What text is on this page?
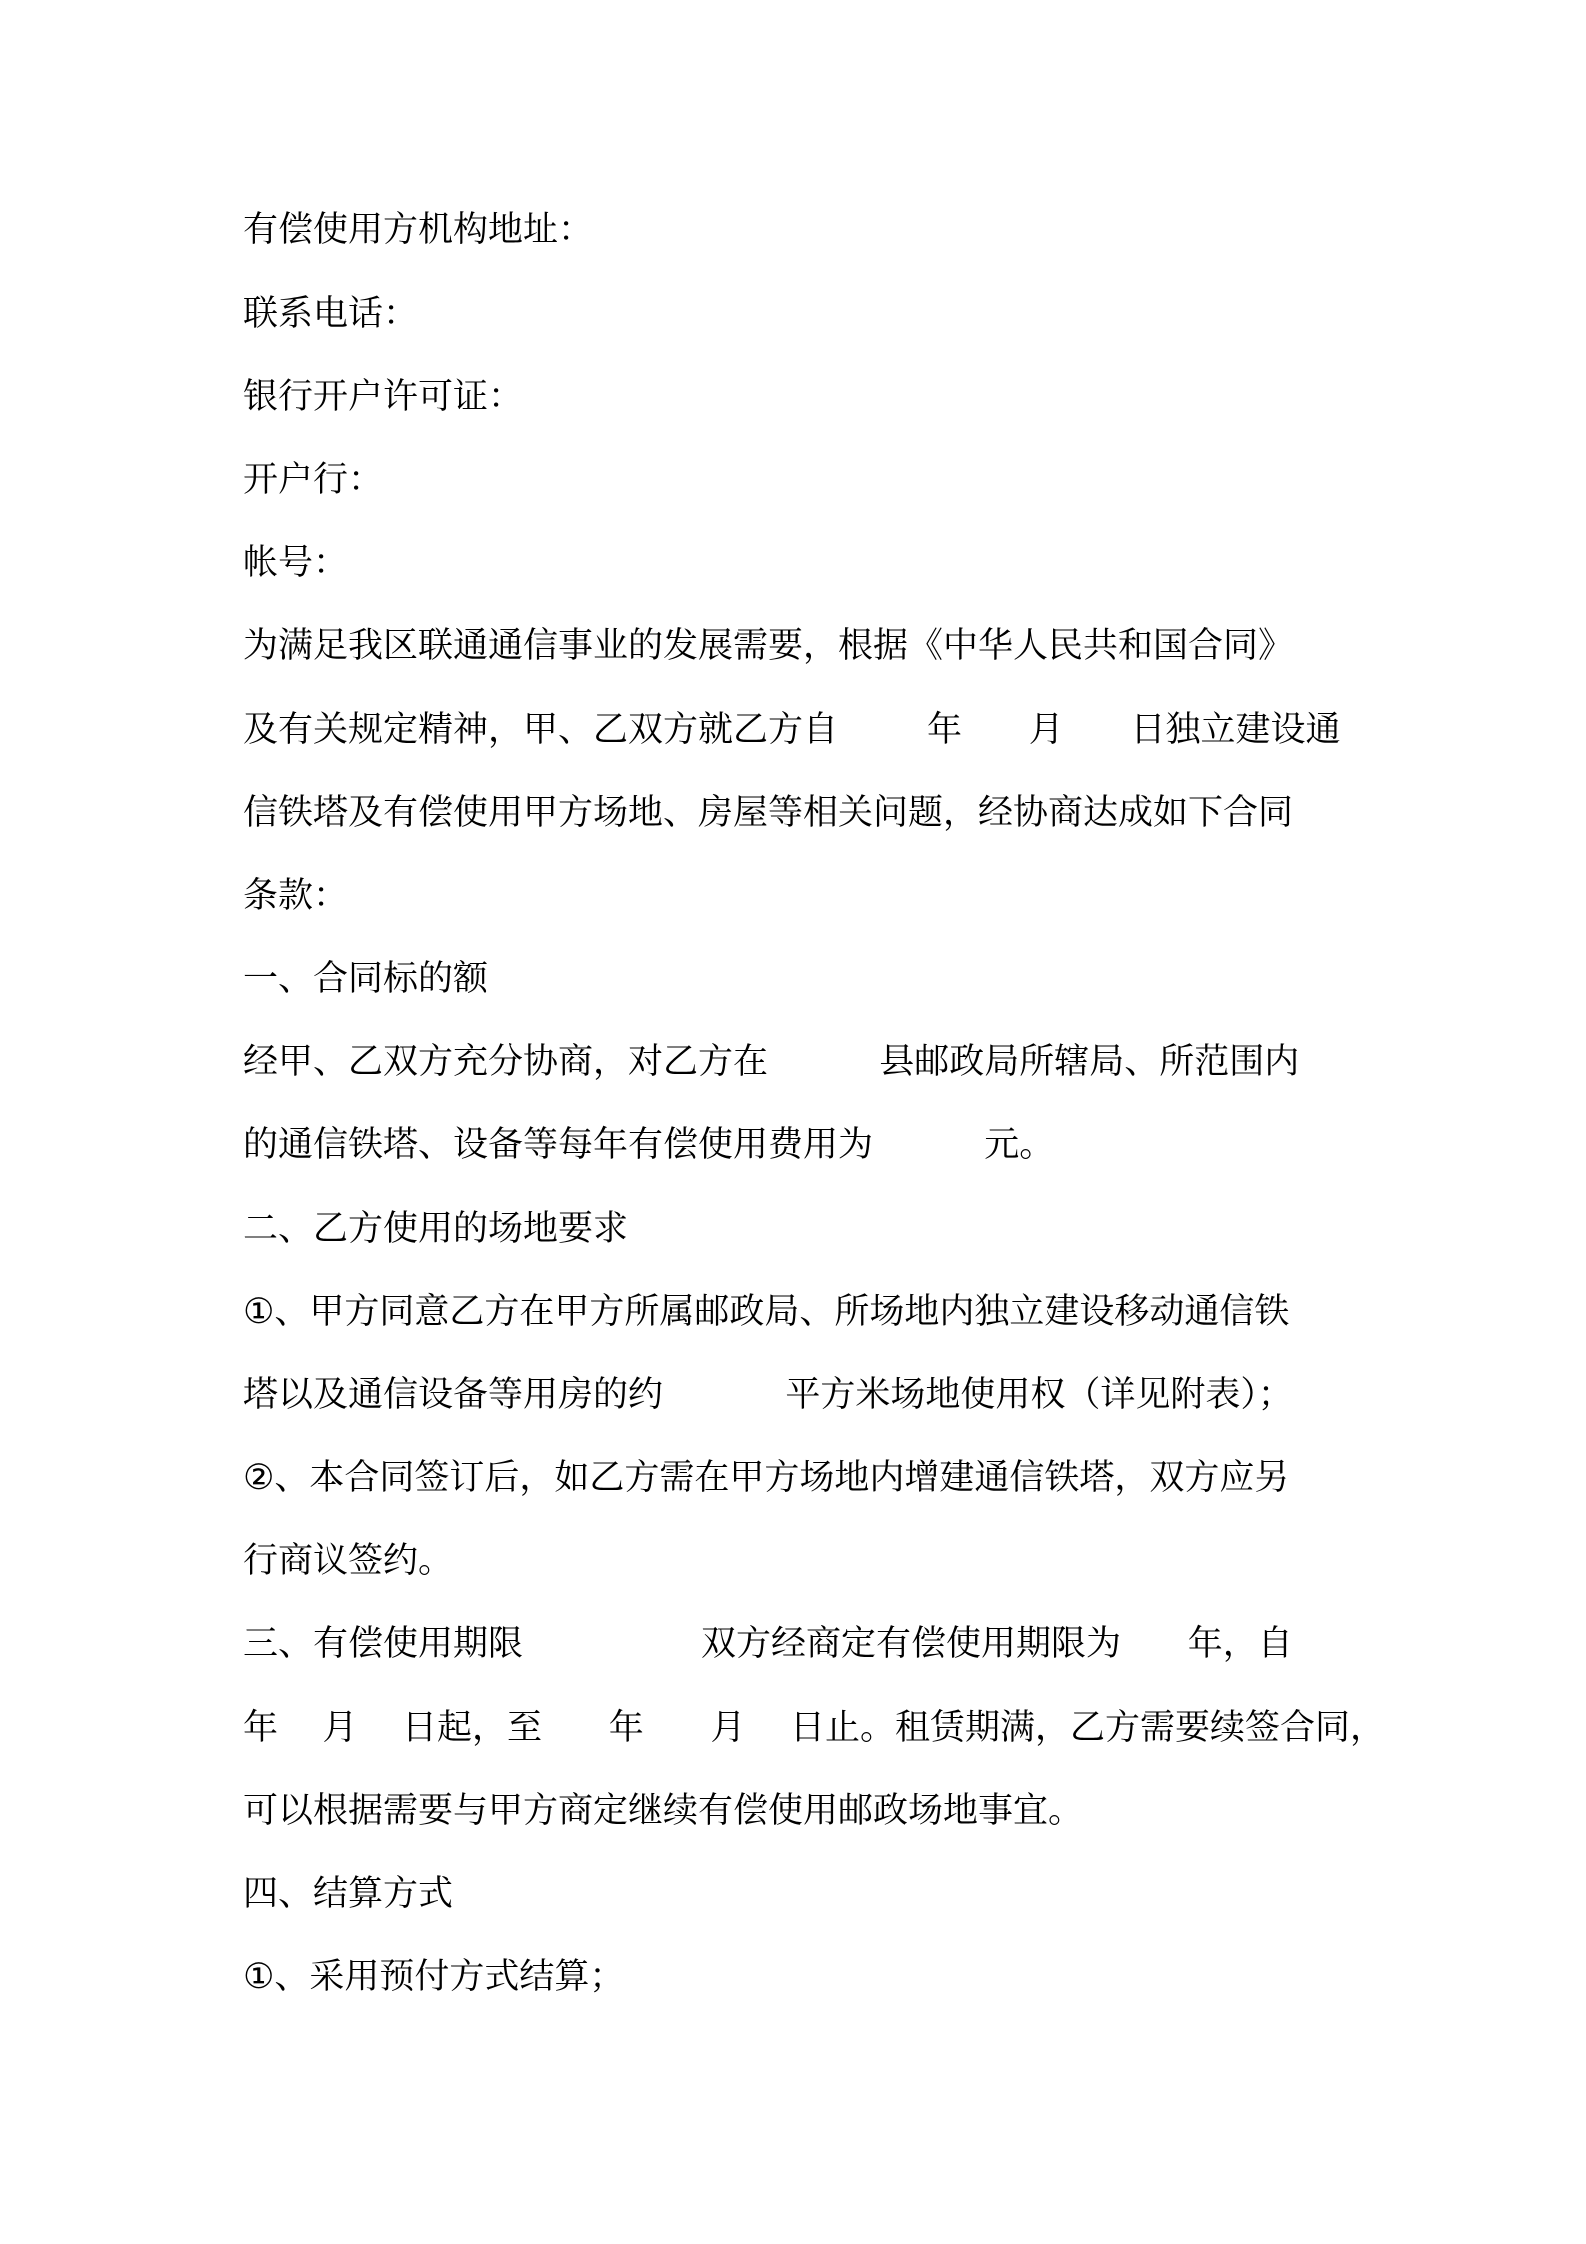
有偿使用方机构地址：
联系电话：
银行开户许可证：
开户行：
帐号：
为满足我区联通通信事业的发展需要，根据《中华人民共和国合同》
及有关规定精神，甲、乙双方就乙方自        年      月      日独立建设通
信铁塔及有偿使用甲方场地、房屋等相关问题，经协商达成如下合同
条款：
一、合同标的额
经甲、乙双方充分协商，对乙方在          县邮政局所辖局、所范围内
的通信铁塔、设备等每年有偿使用费用为          元。
二、乙方使用的场地要求
①、甲方同意乙方在甲方所属邮政局、所场地内独立建设移动通信铁
塔以及通信设备等用房的约           平方米场地使用权（详见附表）；
②、本合同签订后，如乙方需在甲方场地内增建通信铁塔，双方应另
行商议签约。
三、有偿使用期限                双方经商定有偿使用期限为      年，自
年    月    日起，至      年      月    日止。租赁期满，乙方需要续签合同，
可以根据需要与甲方商定继续有偿使用邮政场地事宜。
四、结算方式
①、采用预付方式结算；
